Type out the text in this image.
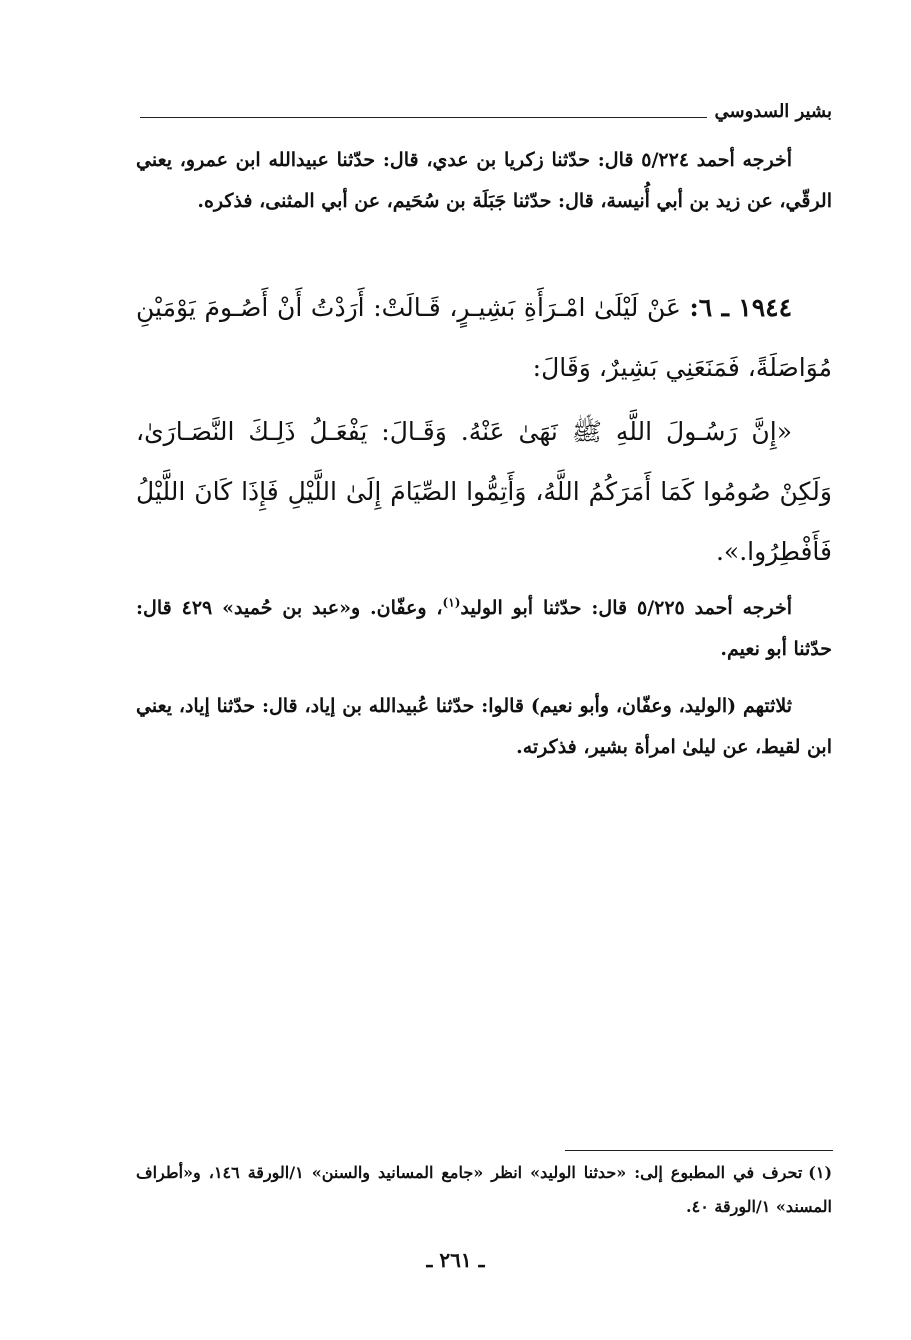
بشير السدوسي

أخرجه أحمد ٥/٢٢٤ قال: حدّثنا زكريا بن عدي، قال: حدّثنا عبيدالله ابن عمرو، يعني الرقّي، عن زيد بن أبي أُنيسة، قال: حدّثنا جَبَلَة بن سُحَيم، عن أبي المثنى، فذكره.

١٩٤٤ ـ ٦: عَنْ لَيْلَىٰ امْـرَأَةِ بَشِيـرٍ، قَـالَتْ: أَرَدْتُ أَنْ أَصُـومَ يَوْمَيْنِ مُوَاصَلَةً، فَمَنَعَنِي بَشِيرٌ، وَقَالَ:

«إِنَّ رَسُـولَ اللَّهِ ﷺ نَهَىٰ عَنْهُ. وَقَـالَ: يَفْعَـلُ ذَلِـكَ النَّصَـارَىٰ، وَلَكِنْ صُومُوا كَمَا أَمَرَكُمُ اللَّهُ، وَأَتِمُّوا الصِّيَامَ إِلَىٰ اللَّيْلِ فَإِذَا كَانَ اللَّيْلُ فَأَفْطِرُوا.».

أخرجه أحمد ٥/٢٢٥ قال: حدّثنا أبو الوليد$^{(١)}$، وعفّان. و«عبد بن حُميد» ٤٢٩ قال: حدّثنا أبو نعيم.

ثلاثتهم (الوليد، وعفّان، وأبو نعيم) قالوا: حدّثنا عُبيدالله بن إياد، قال: حدّثنا إياد، يعني ابن لقيط، عن ليلىٰ امرأة بشير، فذكرته.

(١)تحرف في المطبوع إلى: «حدثنا الوليد» انظر «جامع المسانيد والسنن» ١/الورقة ١٤٦، و«أطراف المسند» ١/الورقة ٤٠.

ـ ٢٦١ ـ
